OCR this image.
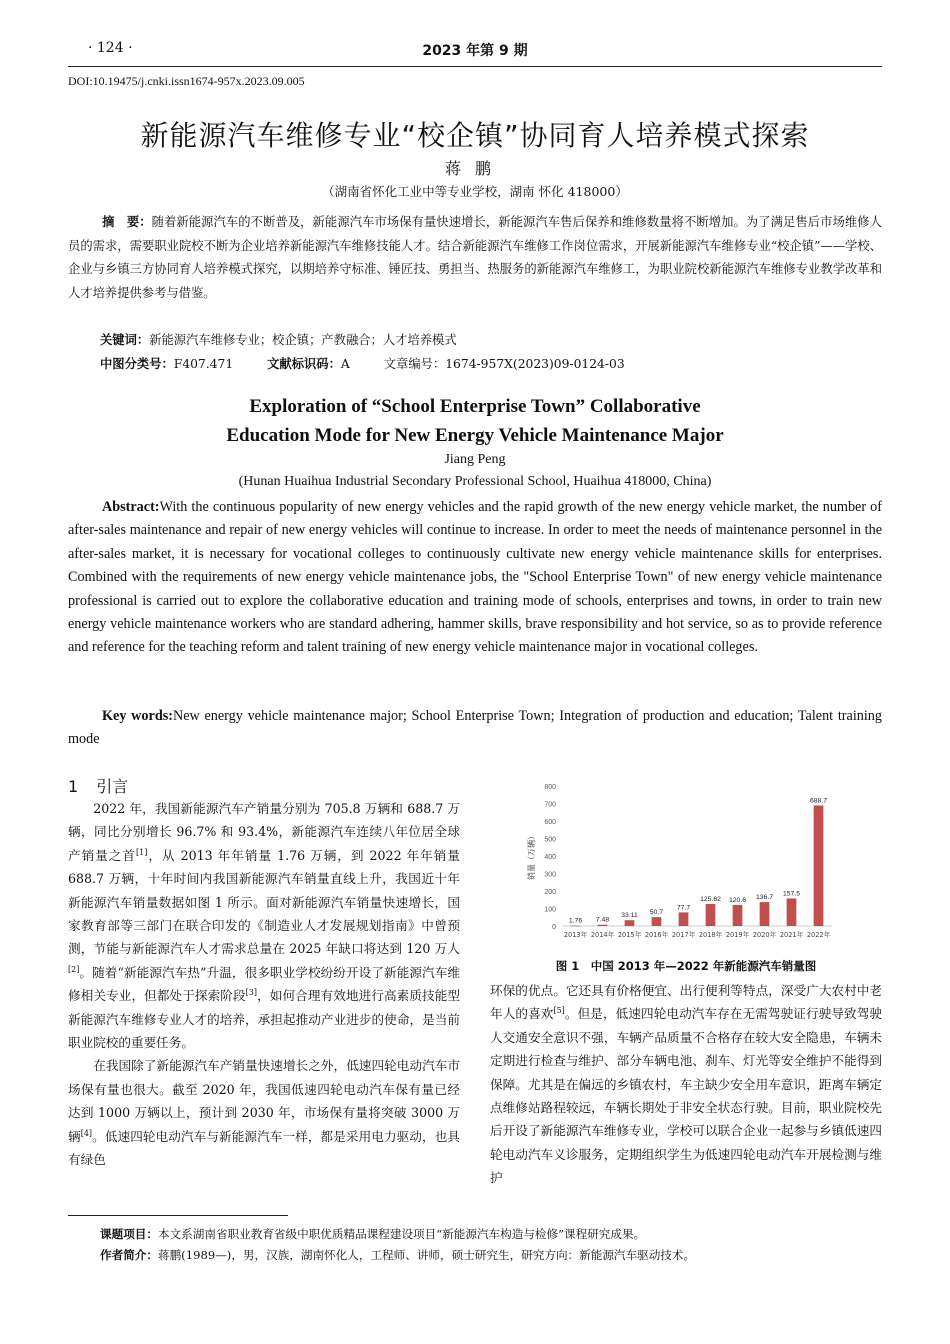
· 124 ·	2023 年第 9 期
DOI:10.19475/j.cnki.issn1674-957x.2023.09.005
新能源汽车维修专业“校企镇”协同育人培养模式探索
蒋鹏
（湖南省怀化工业中等专业学校，湖南 怀化 418000）
摘　要：随着新能源汽车的不断普及，新能源汽车市场保有量快速增长，新能源汽车售后保养和维修数量将不断增加。为了满足售后市场维修人员的需求，需要职业院校不断为企业培养新能源汽车维修技能人才。结合新能源汽车维修工作岗位需求，开展新能源汽车维修专业“校企镇”——学校、企业与乡镇三方协同育人培养模式探究，以期培养守标准、锤匠技、勇担当、热服务的新能源汽车维修工，为职业院校新能源汽车维修专业教学改革和人才培养提供参考与借鉴。
关键词：新能源汽车维修专业；校企镇；产教融合；人才培养模式
中图分类号：F407.471	文献标识码：A	文章编号：1674-957X(2023)09-0124-03
Exploration of “School Enterprise Town” Collaborative
Education Mode for New Energy Vehicle Maintenance Major
Jiang Peng
(Hunan Huaihua Industrial Secondary Professional School, Huaihua 418000, China)
Abstract:With the continuous popularity of new energy vehicles and the rapid growth of the new energy vehicle market, the number of after-sales maintenance and repair of new energy vehicles will continue to increase. In order to meet the needs of maintenance personnel in the after-sales market, it is necessary for vocational colleges to continuously cultivate new energy vehicle maintenance skills for enterprises. Combined with the requirements of new energy vehicle maintenance jobs, the "School Enterprise Town" of new energy vehicle maintenance professional is carried out to explore the collaborative education and training mode of schools, enterprises and towns, in order to train new energy vehicle maintenance workers who are standard adhering, hammer skills, brave responsibility and hot service, so as to provide reference and reference for the teaching reform and talent training of new energy vehicle maintenance major in vocational colleges.
Key words:New energy vehicle maintenance major; School Enterprise Town; Integration of production and education; Talent training mode
1 引言

2022 年，我国新能源汽车产销量分别为 705.8 万辆和 688.7 万辆，同比分别增长 96.7% 和 93.4%，新能源汽车连续八年位居全球产销量之首[1]，从 2013 年年销量 1.76 万辆，到 2022 年年销量 688.7 万辆，十年时间内我国新能源汽车销量直线上升，我国近十年新能源汽车销量数据如图 1 所示。面对新能源汽车销量快速增长，国家教育部等三部门在联合印发的《制造业人才发展规划指南》中曾预测，节能与新能源汽车人才需求总量在 2025 年缺口将达到 120 万人[2]。随着“新能源汽车热”升温，很多职业学校纷纷开设了新能源汽车维修相关专业，但都处于探索阶段[3]，如何合理有效地进行高素质技能型新能源汽车维修专业人才的培养，承担起推动产业进步的使命，是当前职业院校的重要任务。

在我国除了新能源汽车产销量快速增长之外，低速四轮电动汽车市场保有量也很大。截至 2020 年，我国低速四轮电动汽车保有量已经达到 1000 万辆以上，预计到 2030 年，市场保有量将突破 3000 万辆[4]。低速四轮电动汽车与新能源汽车一样，都是采用电力驱动，也具有绿色

0
100
200
300
400
500
600
700
800
销量（万辆）
1.76
2013年
7.48
2014年
33.11
2015年
50.7
2016年
77.7
2017年
125.62
2018年
120.6
2019年
136.7
2020年
157.5
2021年
688.7
2022年
图 1　中国 2013 年—2022 年新能源汽车销量图

环保的优点。它还具有价格便宜、出行便利等特点，深受广大农村中老年人的喜欢[5]。但是，低速四轮电动汽车存在无需驾驶证行驶导致驾驶人交通安全意识不强，车辆产品质量不合格存在较大安全隐患，车辆未定期进行检查与维护、部分车辆电池、刹车、灯光等安全维护不能得到保障。尤其是在偏远的乡镇农村，车主缺少安全用车意识，距离车辆定点维修站路程较远，车辆长期处于非安全状态行驶。目前，职业院校先后开设了新能源汽车维修专业，学校可以联合企业一起参与乡镇低速四轮电动汽车义诊服务，定期组织学生为低速四轮电动汽车开展检测与维护

课题项目：本文系湖南省职业教育省级中职优质精品课程建设项目“新能源汽车构造与检修”课程研究成果。
作者简介：蒋鹏(1989—)，男，汉族，湖南怀化人，工程师、讲师，硕士研究生，研究方向：新能源汽车驱动技术。
